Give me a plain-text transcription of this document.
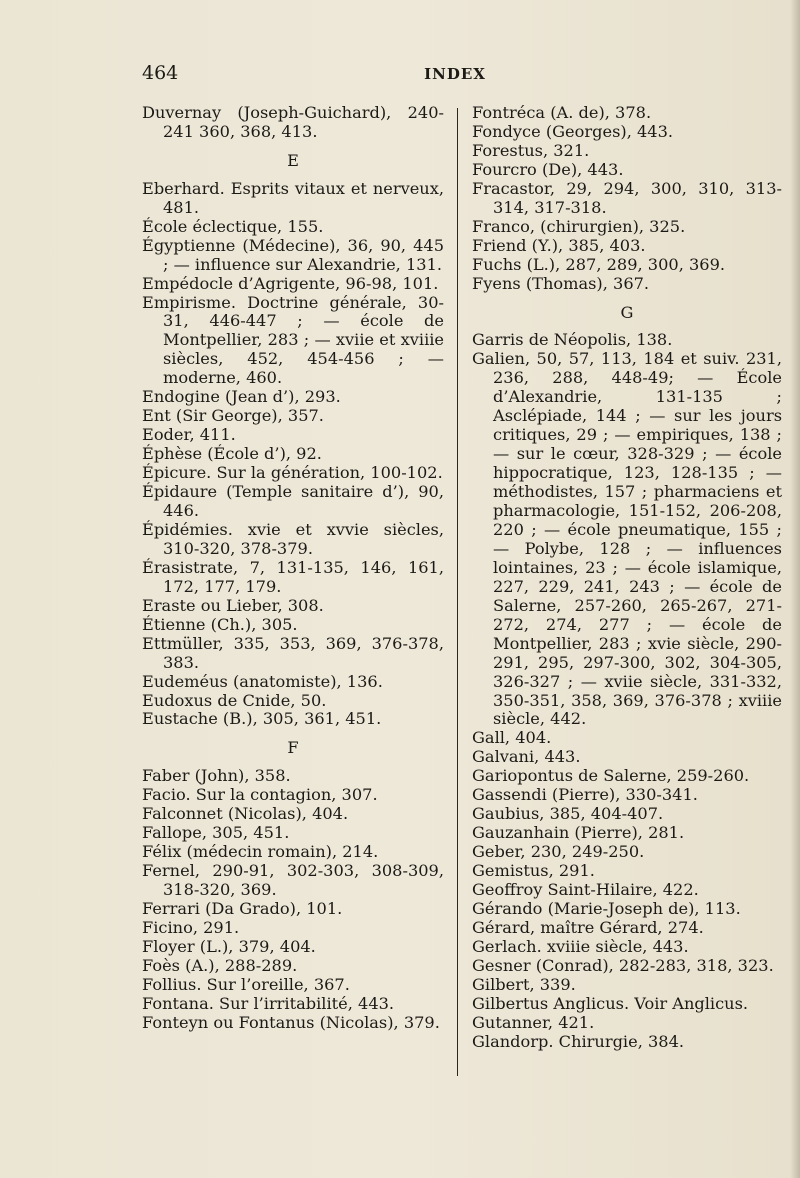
464	INDEX

Duvernay (Joseph-Guichard), 240-241 360, 368, 413.

E

Eberhard. Esprits vitaux et nerveux, 481.

École éclectique, 155.

Égyptienne (Médecine), 36, 90, 445 ; — influence sur Alexandrie, 131.

Empédocle d’Agrigente, 96-98, 101.

Empirisme. Doctrine générale, 30-31, 446-447 ; — école de Montpellier, 283 ; — xviie et xviiie siècles, 452, 454-456 ; — moderne, 460.

Endogine (Jean d’), 293.

Ent (Sir George), 357.

Eoder, 411.

Éphèse (École d’), 92.

Épicure. Sur la génération, 100-102.

Épidaure (Temple sanitaire d’), 90, 446.

Épidémies. xvie et xvvie siècles, 310-320, 378-379.

Érasistrate, 7, 131-135, 146, 161, 172, 177, 179.

Eraste ou Lieber, 308.

Étienne (Ch.), 305.

Ettmüller, 335, 353, 369, 376-378, 383.

Eudeméus (anatomiste), 136.

Eudoxus de Cnide, 50.

Eustache (B.), 305, 361, 451.

F

Faber (John), 358.

Facio. Sur la contagion, 307.

Falconnet (Nicolas), 404.

Fallope, 305, 451.

Félix (médecin romain), 214.

Fernel, 290-91, 302-303, 308-309, 318-320, 369.

Ferrari (Da Grado), 101.

Ficino, 291.

Floyer (L.), 379, 404.

Foès (A.), 288-289.

Follius. Sur l’oreille, 367.

Fontana. Sur l’irritabilité, 443.

Fonteyn ou Fontanus (Nicolas), 379.

Fontréca (A. de), 378.

Fondyce (Georges), 443.

Forestus, 321.

Fourcro (De), 443.

Fracastor, 29, 294, 300, 310, 313-314, 317-318.

Franco, (chirurgien), 325.

Friend (Y.), 385, 403.

Fuchs (L.), 287, 289, 300, 369.

Fyens (Thomas), 367.

G

Garris de Néopolis, 138.

Galien, 50, 57, 113, 184 et suiv. 231, 236, 288, 448-49; — École d’Alexandrie, 131-135 ; Asclépiade, 144 ; — sur les jours critiques, 29 ; — empiriques, 138 ; — sur le cœur, 328-329 ; — école hippocratique, 123, 128-135 ; — méthodistes, 157 ; pharmaciens et pharmacologie, 151-152, 206-208, 220 ; — école pneumatique, 155 ; — Polybe, 128 ; — influences lointaines, 23 ; — école islamique, 227, 229, 241, 243 ; — école de Salerne, 257-260, 265-267, 271-272, 274, 277 ; — école de Montpellier, 283 ; xvie siècle, 290-291, 295, 297-300, 302, 304-305, 326-327 ; — xviie siècle, 331-332, 350-351, 358, 369, 376-378 ; xviiie siècle, 442.

Gall, 404.

Galvani, 443.

Gariopontus de Salerne, 259-260.

Gassendi (Pierre), 330-341.

Gaubius, 385, 404-407.

Gauzanhain (Pierre), 281.

Geber, 230, 249-250.

Gemistus, 291.

Geoffroy Saint-Hilaire, 422.

Gérando (Marie-Joseph de), 113.

Gérard, maître Gérard, 274.

Gerlach. xviiie siècle, 443.

Gesner (Conrad), 282-283, 318, 323.

Gilbert, 339.

Gilbertus Anglicus. Voir Anglicus.

Gutanner, 421.

Glandorp. Chirurgie, 384.
